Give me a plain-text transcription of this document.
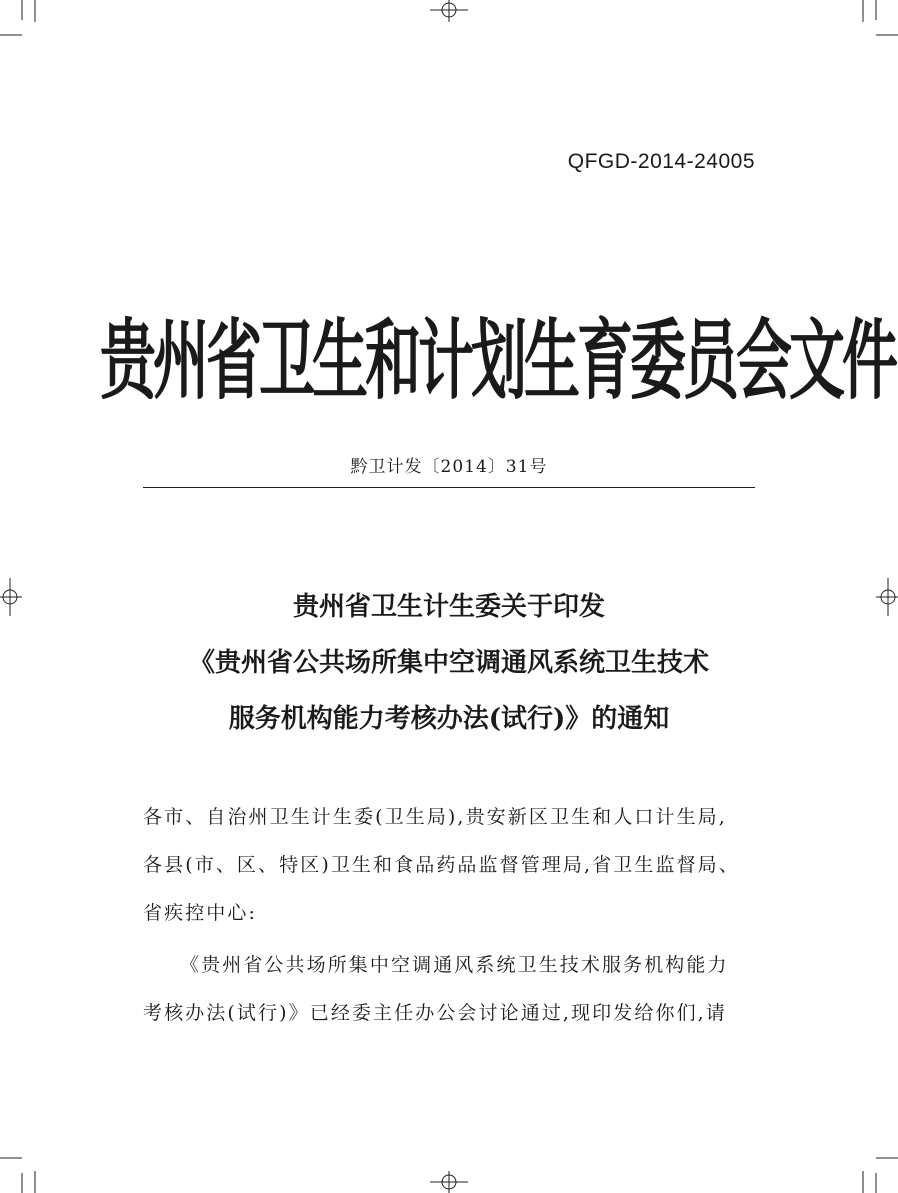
QFGD-2014-24005
贵州省卫生和计划生育委员会文件
黔卫计发〔2014〕31号
贵州省卫生计生委关于印发
《贵州省公共场所集中空调通风系统卫生技术
服务机构能力考核办法(试行)》的通知
各市、自治州卫生计生委(卫生局),贵安新区卫生和人口计生局,
各县(市、区、特区)卫生和食品药品监督管理局,省卫生监督局、
省疾控中心:
《贵州省公共场所集中空调通风系统卫生技术服务机构能力
考核办法(试行)》已经委主任办公会讨论通过,现印发给你们,请
